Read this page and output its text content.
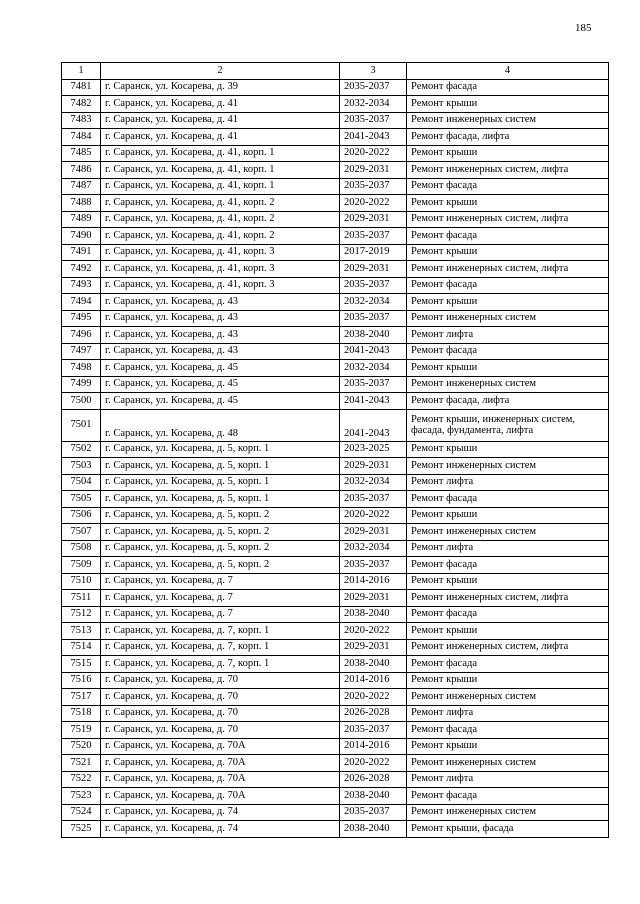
185
1	2	3	4
7481	г. Саранск, ул. Косарева, д. 39	2035-2037	Ремонт фасада
7482	г. Саранск, ул. Косарева, д. 41	2032-2034	Ремонт крыши
7483	г. Саранск, ул. Косарева, д. 41	2035-2037	Ремонт инженерных систем
7484	г. Саранск, ул. Косарева, д. 41	2041-2043	Ремонт фасада, лифта
7485	г. Саранск, ул. Косарева, д. 41, корп. 1	2020-2022	Ремонт крыши
7486	г. Саранск, ул. Косарева, д. 41, корп. 1	2029-2031	Ремонт инженерных систем, лифта
7487	г. Саранск, ул. Косарева, д. 41, корп. 1	2035-2037	Ремонт фасада
7488	г. Саранск, ул. Косарева, д. 41, корп. 2	2020-2022	Ремонт крыши
7489	г. Саранск, ул. Косарева, д. 41, корп. 2	2029-2031	Ремонт инженерных систем, лифта
7490	г. Саранск, ул. Косарева, д. 41, корп. 2	2035-2037	Ремонт фасада
7491	г. Саранск, ул. Косарева, д. 41, корп. 3	2017-2019	Ремонт крыши
7492	г. Саранск, ул. Косарева, д. 41, корп. 3	2029-2031	Ремонт инженерных систем, лифта
7493	г. Саранск, ул. Косарева, д. 41, корп. 3	2035-2037	Ремонт фасада
7494	г. Саранск, ул. Косарева, д. 43	2032-2034	Ремонт крыши
7495	г. Саранск, ул. Косарева, д. 43	2035-2037	Ремонт инженерных систем
7496	г. Саранск, ул. Косарева, д. 43	2038-2040	Ремонт лифта
7497	г. Саранск, ул. Косарева, д. 43	2041-2043	Ремонт фасада
7498	г. Саранск, ул. Косарева, д. 45	2032-2034	Ремонт крыши
7499	г. Саранск, ул. Косарева, д. 45	2035-2037	Ремонт инженерных систем
7500	г. Саранск, ул. Косарева, д. 45	2041-2043	Ремонт фасада, лифта
7501	г. Саранск, ул. Косарева, д. 48	2041-2043	Ремонт крыши, инженерных систем, фасада, фундамента, лифта
7502	г. Саранск, ул. Косарева, д. 5, корп. 1	2023-2025	Ремонт крыши
7503	г. Саранск, ул. Косарева, д. 5, корп. 1	2029-2031	Ремонт инженерных систем
7504	г. Саранск, ул. Косарева, д. 5, корп. 1	2032-2034	Ремонт лифта
7505	г. Саранск, ул. Косарева, д. 5, корп. 1	2035-2037	Ремонт фасада
7506	г. Саранск, ул. Косарева, д. 5, корп. 2	2020-2022	Ремонт крыши
7507	г. Саранск, ул. Косарева, д. 5, корп. 2	2029-2031	Ремонт инженерных систем
7508	г. Саранск, ул. Косарева, д. 5, корп. 2	2032-2034	Ремонт лифта
7509	г. Саранск, ул. Косарева, д. 5, корп. 2	2035-2037	Ремонт фасада
7510	г. Саранск, ул. Косарева, д. 7	2014-2016	Ремонт крыши
7511	г. Саранск, ул. Косарева, д. 7	2029-2031	Ремонт инженерных систем, лифта
7512	г. Саранск, ул. Косарева, д. 7	2038-2040	Ремонт фасада
7513	г. Саранск, ул. Косарева, д. 7, корп. 1	2020-2022	Ремонт крыши
7514	г. Саранск, ул. Косарева, д. 7, корп. 1	2029-2031	Ремонт инженерных систем, лифта
7515	г. Саранск, ул. Косарева, д. 7, корп. 1	2038-2040	Ремонт фасада
7516	г. Саранск, ул. Косарева, д. 70	2014-2016	Ремонт крыши
7517	г. Саранск, ул. Косарева, д. 70	2020-2022	Ремонт инженерных систем
7518	г. Саранск, ул. Косарева, д. 70	2026-2028	Ремонт лифта
7519	г. Саранск, ул. Косарева, д. 70	2035-2037	Ремонт фасада
7520	г. Саранск, ул. Косарева, д. 70А	2014-2016	Ремонт крыши
7521	г. Саранск, ул. Косарева, д. 70А	2020-2022	Ремонт инженерных систем
7522	г. Саранск, ул. Косарева, д. 70А	2026-2028	Ремонт лифта
7523	г. Саранск, ул. Косарева, д. 70А	2038-2040	Ремонт фасада
7524	г. Саранск, ул. Косарева, д. 74	2035-2037	Ремонт инженерных систем
7525	г. Саранск, ул. Косарева, д. 74	2038-2040	Ремонт крыши, фасада
